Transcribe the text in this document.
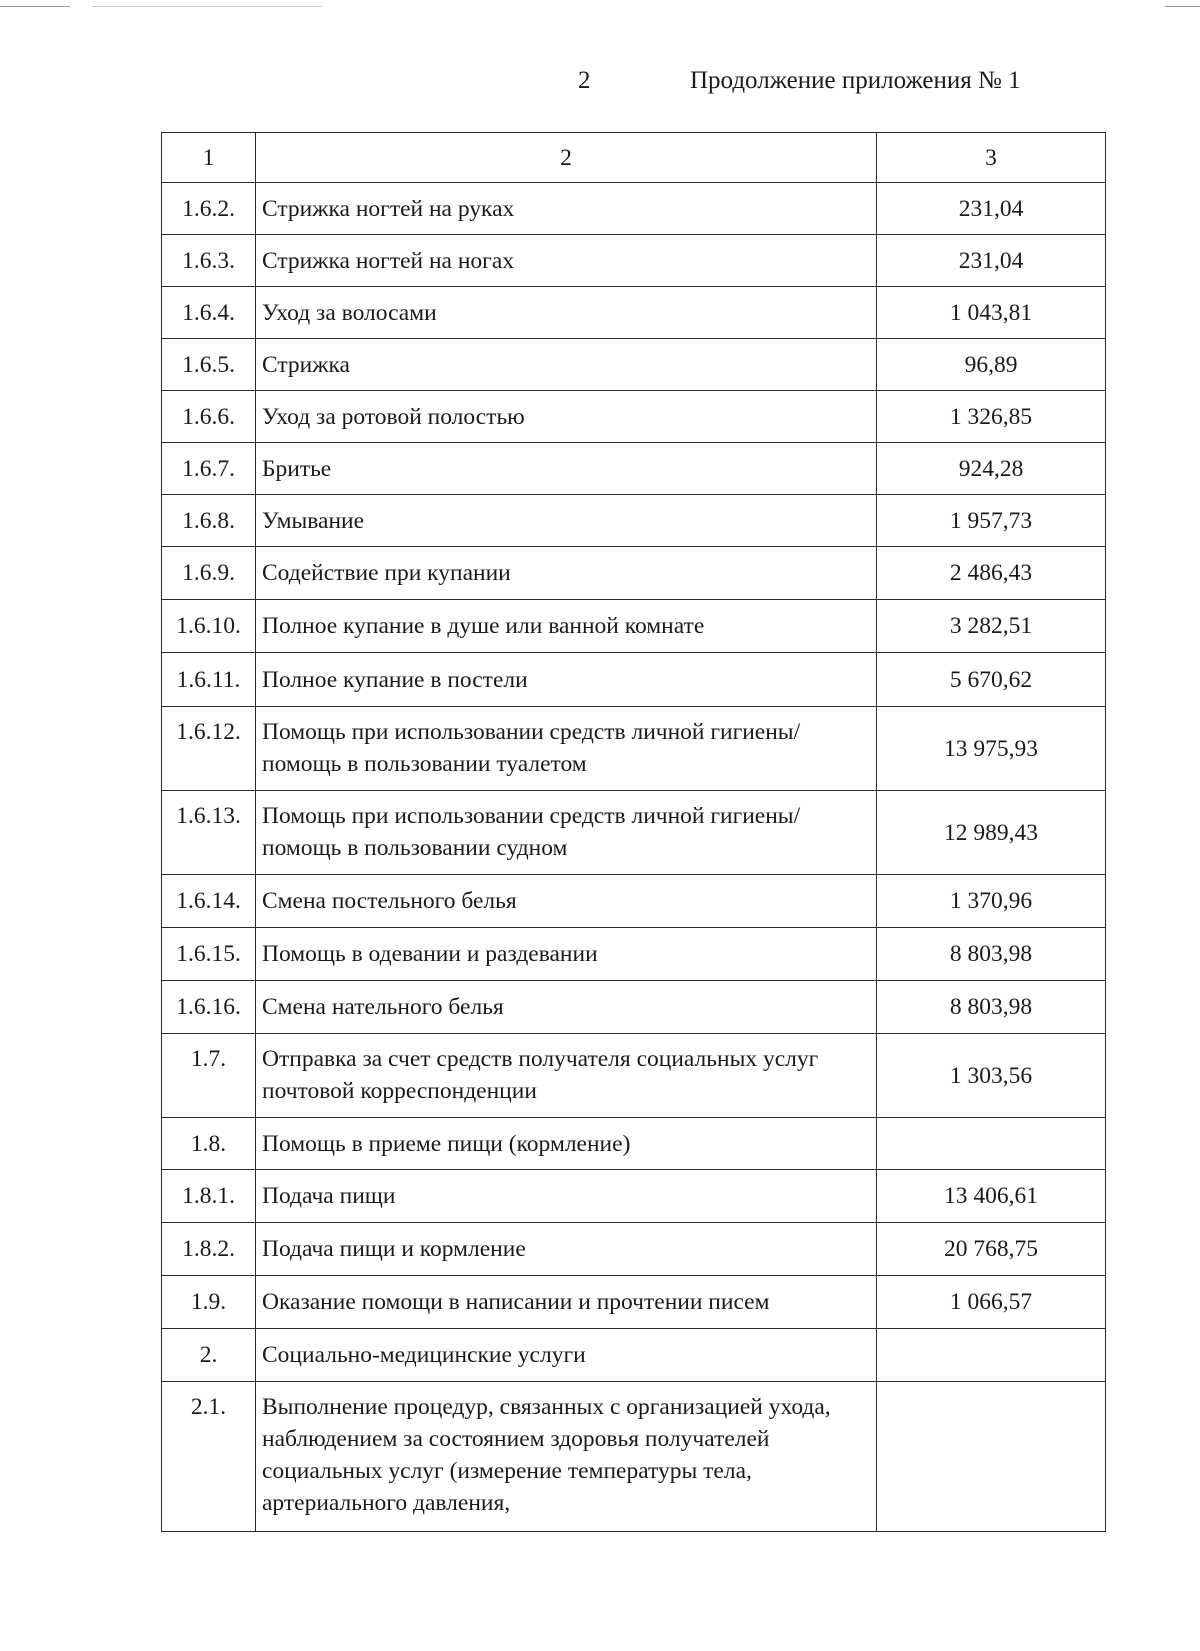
2	Продолжение приложения № 1
1	2	3
1.6.2.	Стрижка ногтей на руках	231,04
1.6.3.	Стрижка ногтей на ногах	231,04
1.6.4.	Уход за волосами	1 043,81
1.6.5.	Стрижка	96,89
1.6.6.	Уход за ротовой полостью	1 326,85
1.6.7.	Бритье	924,28
1.6.8.	Умывание	1 957,73
1.6.9.	Содействие при купании	2 486,43
1.6.10.	Полное купание в душе или ванной комнате	3 282,51
1.6.11.	Полное купание в постели	5 670,62
1.6.12.	Помощь при использовании средств личной гигиены/помощь в пользовании туалетом	13 975,93
1.6.13.	Помощь при использовании средств личной гигиены/ помощь в пользовании судном	12 989,43
1.6.14.	Смена постельного белья	1 370,96
1.6.15.	Помощь в одевании и раздевании	8 803,98
1.6.16.	Смена нательного белья	8 803,98
1.7.	Отправка за счет средств получателя социальных услуг почтовой корреспонденции	1 303,56
1.8.	Помощь в приеме пищи (кормление)	
1.8.1.	Подача пищи	13 406,61
1.8.2.	Подача пищи и кормление	20 768,75
1.9.	Оказание помощи в написании и прочтении писем	1 066,57
2.	Социально-медицинские услуги	
2.1.	Выполнение процедур, связанных с организацией ухода, наблюдением за состоянием здоровья получателей социальных услуг (измерение температуры тела, артериального давления,	
